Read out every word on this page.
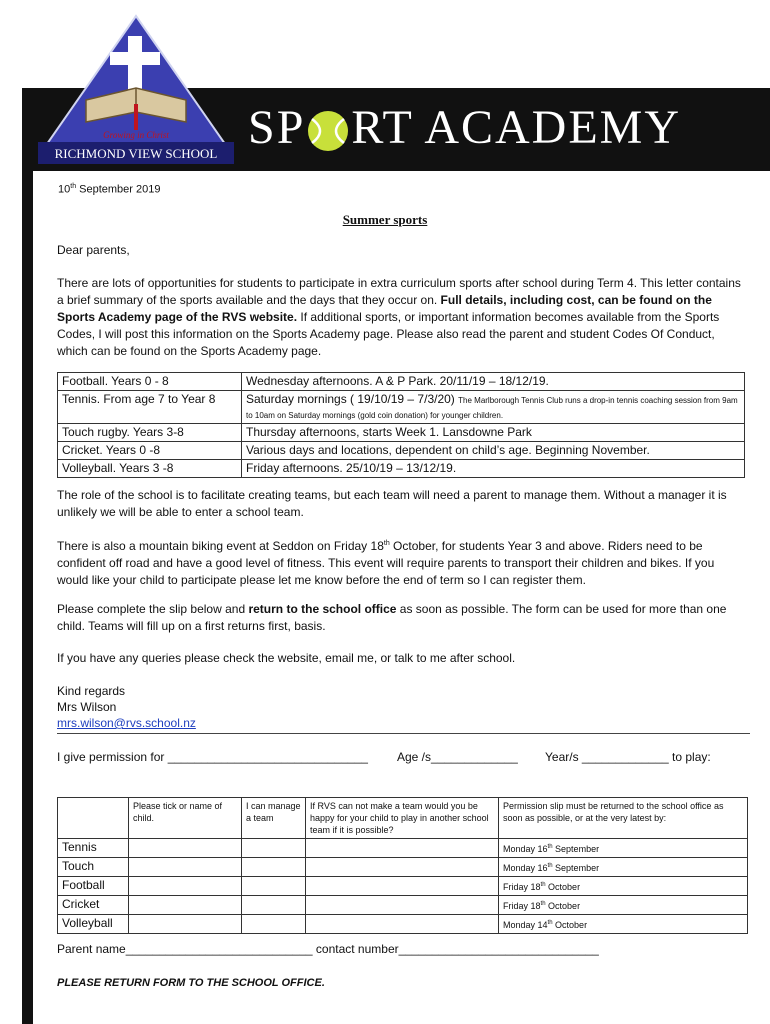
Growing in Christ
RICHMOND VIEW SCHOOL SP RT ACADEMY
10th September 2019
Summer sports

Dear parents,

There are lots of opportunities for students to participate in extra curriculum sports after school during Term 4. This letter contains a brief summary of the sports available and the days that they occur on. Full details, including cost, can be found on the Sports Academy page of the RVS website. If additional sports, or important information becomes available from the Sports Codes, I will post this information on the Sports Academy page. Please also read the parent and student Codes Of Conduct, which can be found on the Sports Academy page.

Football. Years 0 - 8	Wednesday afternoons. A & P Park. 20/11/19 – 18/12/19.
Tennis. From age 7 to Year 8	Saturday mornings ( 19/10/19 – 7/3/20) The Marlborough Tennis Club runs a drop-in tennis coaching session from 9am to 10am on Saturday mornings (gold coin donation) for younger children.
Touch rugby. Years 3-8	Thursday afternoons, starts Week 1. Lansdowne Park
Cricket. Years 0 -8	Various days and locations, dependent on child’s age. Beginning November.
Volleyball. Years 3 -8	Friday afternoons. 25/10/19 – 13/12/19.

The role of the school is to facilitate creating teams, but each team will need a parent to manage them. Without a manager it is unlikely we will be able to enter a school team.

There is also a mountain biking event at Seddon on Friday 18th October, for students Year 3 and above. Riders need to be confident off road and have a good level of fitness. This event will require parents to transport their children and bikes. If you would like your child to participate please let me know before the end of term so I can register them.

Please complete the slip below and return to the school office as soon as possible. The form can be used for more than one child. Teams will fill up on a first returns first, basis.

If you have any queries please check the website, email me, or talk to me after school.

Kind regards

Mrs Wilson

mrs.wilson@rvs.school.nz

I give permission for ______________________________ Age /s_____________ Year/s _____________ to play:
	Please tick or name of child.	I can manage a team	If RVS can not make a team would you be happy for your child to play in another school team if it is possible?	Permission slip must be returned to the school office as soon as possible, or at the very latest by:
Tennis				Monday 16th September
Touch				Monday 16th September
Football				Friday 18th October
Cricket				Friday 18th October
Volleyball				Monday 14th October
Parent name____________________________ contact number______________________________
PLEASE RETURN FORM TO THE SCHOOL OFFICE.
